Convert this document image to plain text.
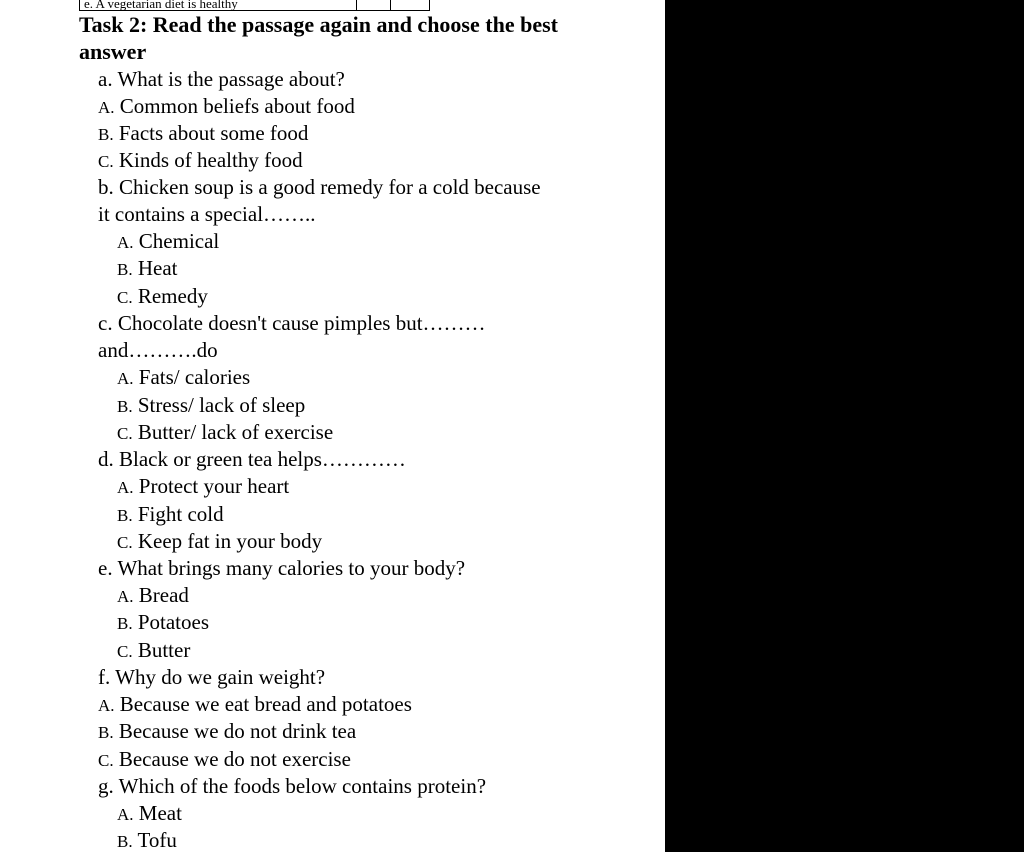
e. A vegetarian diet is healthy		
Task 2: Read the passage again and choose the best answer
a. What is the passage about?
A. Common beliefs about food
B. Facts about some food
C. Kinds of healthy food
b. Chicken soup is a good remedy for a cold because
it contains a special……..
A. Chemical
B. Heat
C. Remedy
c. Chocolate doesn't cause pimples but………
and……….do
A. Fats/ calories
B. Stress/ lack of sleep
C. Butter/ lack of exercise
d. Black or green tea helps…………
A. Protect your heart
B. Fight cold
C. Keep fat in your body
e. What brings many calories to your body?
A. Bread
B. Potatoes
C. Butter
f. Why do we gain weight?
A. Because we eat bread and potatoes
B. Because we do not drink tea
C. Because we do not exercise
g. Which of the foods below contains protein?
A. Meat
B. Tofu
